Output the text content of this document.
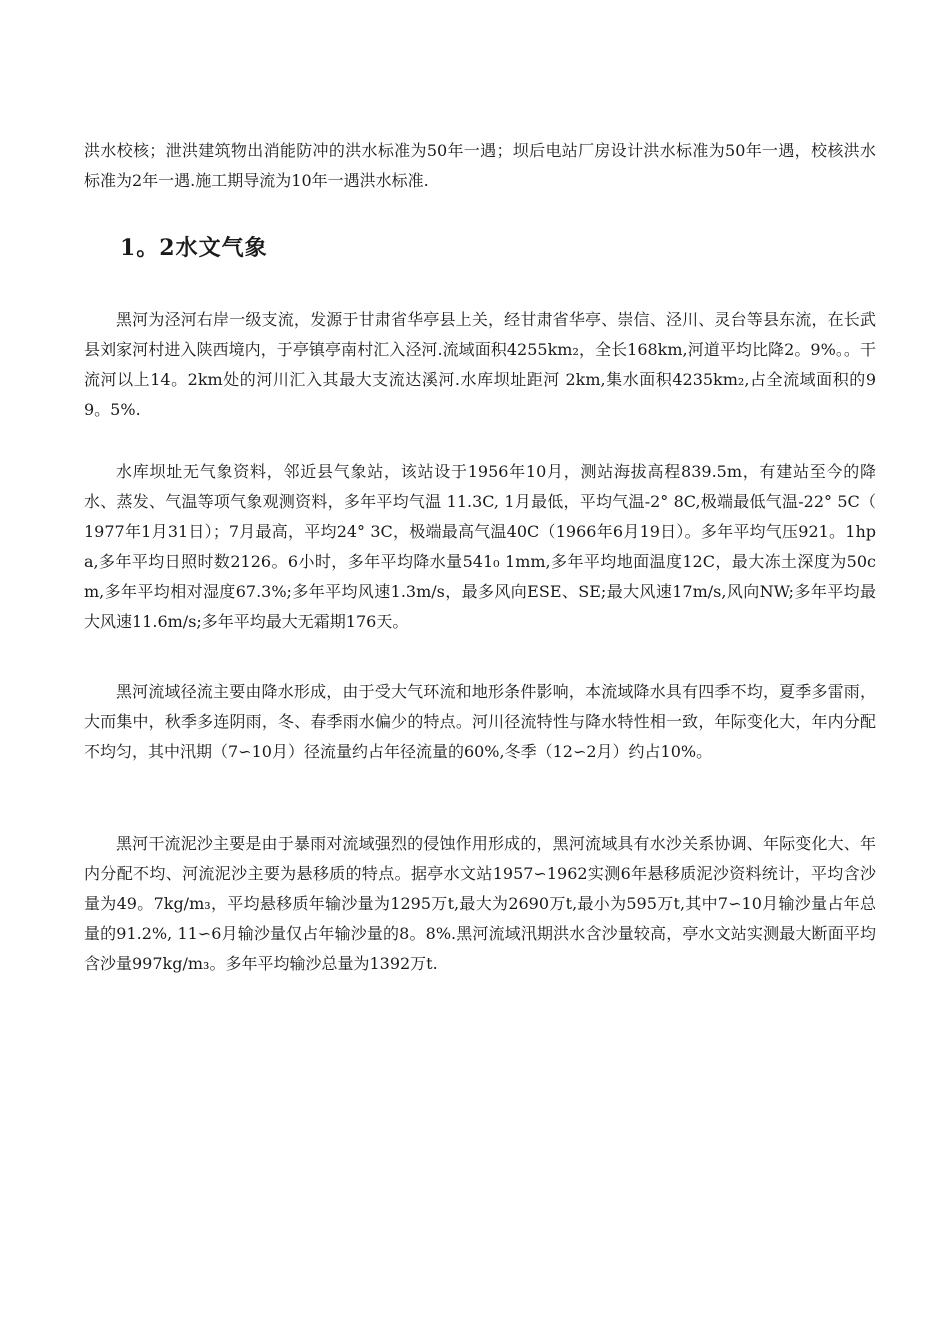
洪水校核；泄洪建筑物出消能防冲的洪水标准为50年一遇；坝后电站厂房设计洪水标准为50年一遇，校核洪水标准为2年一遇.施工期导流为10年一遇洪水标准.

1。2水文气象

黑河为泾河右岸一级支流，发源于甘肃省华亭县上关，经甘肃省华亭、崇信、泾川、灵台等县东流，在长武县刘家河村进入陕西境内，于亭镇亭南村汇入泾河.流域面积4255km₂，全长168km,河道平均比降2。9%。。干流河以上14。2km处的河川汇入其最大支流达溪河.水库坝址距河 2km,集水面积4235km₂,占全流域面积的99。5%.

水库坝址无气象资料，邻近县气象站，该站设于1956年10月，测站海拔高程839.5m，有建站至今的降水、蒸发、气温等项气象观测资料，多年平均气温 11.3C, 1月最低，平均气温-2° 8C,极端最低气温-22° 5C（ 1977年1月31日）；7月最高，平均24° 3C，极端最高气温40C（1966年6月19日）。多年平均气压921。1hpa,多年平均日照时数2126。6小时，多年平均降水量541₀ 1mm,多年平均地面温度12C，最大冻土深度为50cm,多年平均相对湿度67.3%;多年平均风速1.3m/s，最多风向ESE、SE;最大风速17m/s,风向NW;多年平均最大风速11.6m/s;多年平均最大无霜期176天。

黑河流域径流主要由降水形成，由于受大气环流和地形条件影响，本流域降水具有四季不均，夏季多雷雨，大而集中，秋季多连阴雨，冬、春季雨水偏少的特点。河川径流特性与降水特性相一致，年际变化大，年内分配不均匀，其中汛期（7∽10月）径流量约占年径流量的60%,冬季（12∽2月）约占10%。

黑河干流泥沙主要是由于暴雨对流域强烈的侵蚀作用形成的，黑河流域具有水沙关系协调、年际变化大、年内分配不均、河流泥沙主要为悬移质的特点。据亭水文站1957∽1962实测6年悬移质泥沙资料统计，平均含沙量为49。7kg/m₃，平均悬移质年输沙量为1295万t,最大为2690万t,最小为595万t,其中7∽10月输沙量占年总量的91.2%, 11∽6月输沙量仅占年输沙量的8。8%.黑河流域汛期洪水含沙量较高，亭水文站实测最大断面平均含沙量997kg/m₃。多年平均输沙总量为1392万t.
